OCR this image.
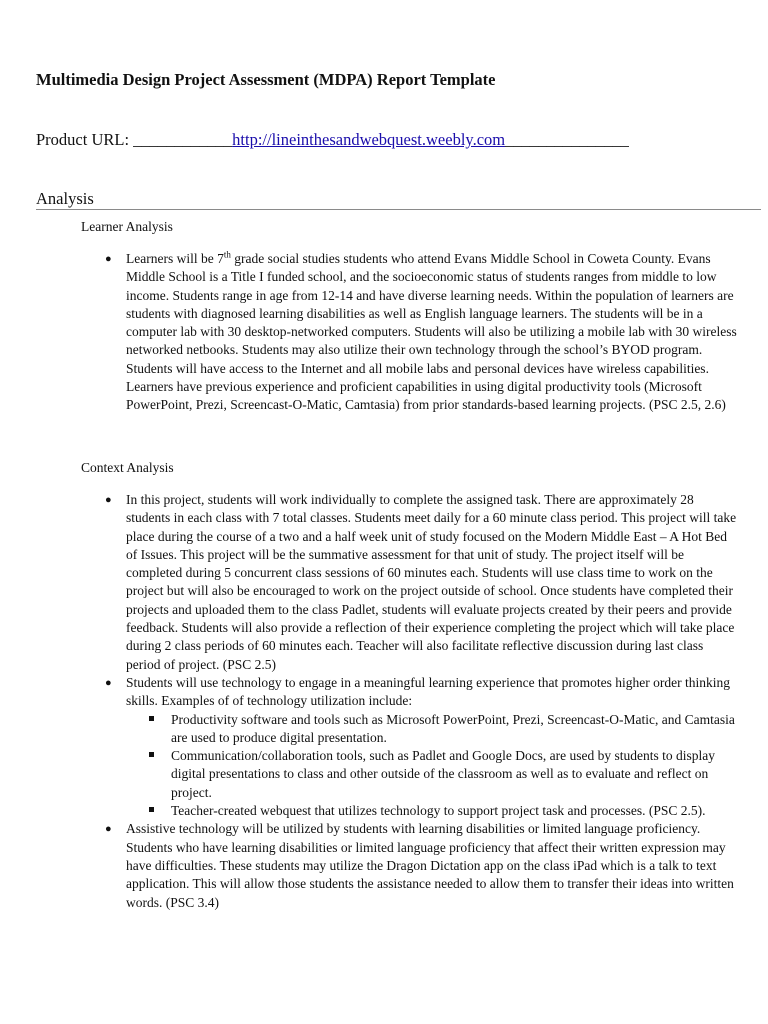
Multimedia Design Project Assessment (MDPA) Report Template
Product URL: ____________http://lineinthesandwebquest.weebly.com_______________
Analysis
Learner Analysis
● Learners will be 7th grade social studies students who attend Evans Middle School in Coweta County. Evans Middle School is a Title I funded school, and the socioeconomic status of students ranges from middle to low income. Students range in age from 12-14 and have diverse learning needs. Within the population of learners are students with diagnosed learning disabilities as well as English language learners. The students will be in a computer lab with 30 desktop-networked computers. Students will also be utilizing a mobile lab with 30 wireless networked netbooks. Students may also utilize their own technology through the school’s BYOD program. Students will have access to the Internet and all mobile labs and personal devices have wireless capabilities. Learners have previous experience and proficient capabilities in using digital productivity tools (Microsoft PowerPoint, Prezi, Screencast-O-Matic, Camtasia) from prior standards-based learning projects. (PSC 2.5, 2.6)
Context Analysis
● In this project, students will work individually to complete the assigned task. There are approximately 28 students in each class with 7 total classes. Students meet daily for a 60 minute class period. This project will take place during the course of a two and a half week unit of study focused on the Modern Middle East – A Hot Bed of Issues. This project will be the summative assessment for that unit of study. The project itself will be completed during 5 concurrent class sessions of 60 minutes each. Students will use class time to work on the project but will also be encouraged to work on the project outside of school. Once students have completed their projects and uploaded them to the class Padlet, students will evaluate projects created by their peers and provide feedback. Students will also provide a reflection of their experience completing the project which will take place during 2 class periods of 60 minutes each. Teacher will also facilitate reflective discussion during last class period of project. (PSC 2.5)
● Students will use technology to engage in a meaningful learning experience that promotes higher order thinking skills. Examples of of technology utilization include:
Productivity software and tools such as Microsoft PowerPoint, Prezi, Screencast-O-Matic, and Camtasia are used to produce digital presentation.
Communication/collaboration tools, such as Padlet and Google Docs, are used by students to display digital presentations to class and other outside of the classroom as well as to evaluate and reflect on project.
Teacher-created webquest that utilizes technology to support project task and processes. (PSC 2.5).
● Assistive technology will be utilized by students with learning disabilities or limited language proficiency. Students who have learning disabilities or limited language proficiency that affect their written expression may have difficulties. These students may utilize the Dragon Dictation app on the class iPad which is a talk to text application. This will allow those students the assistance needed to allow them to transfer their ideas into written words. (PSC 3.4)
